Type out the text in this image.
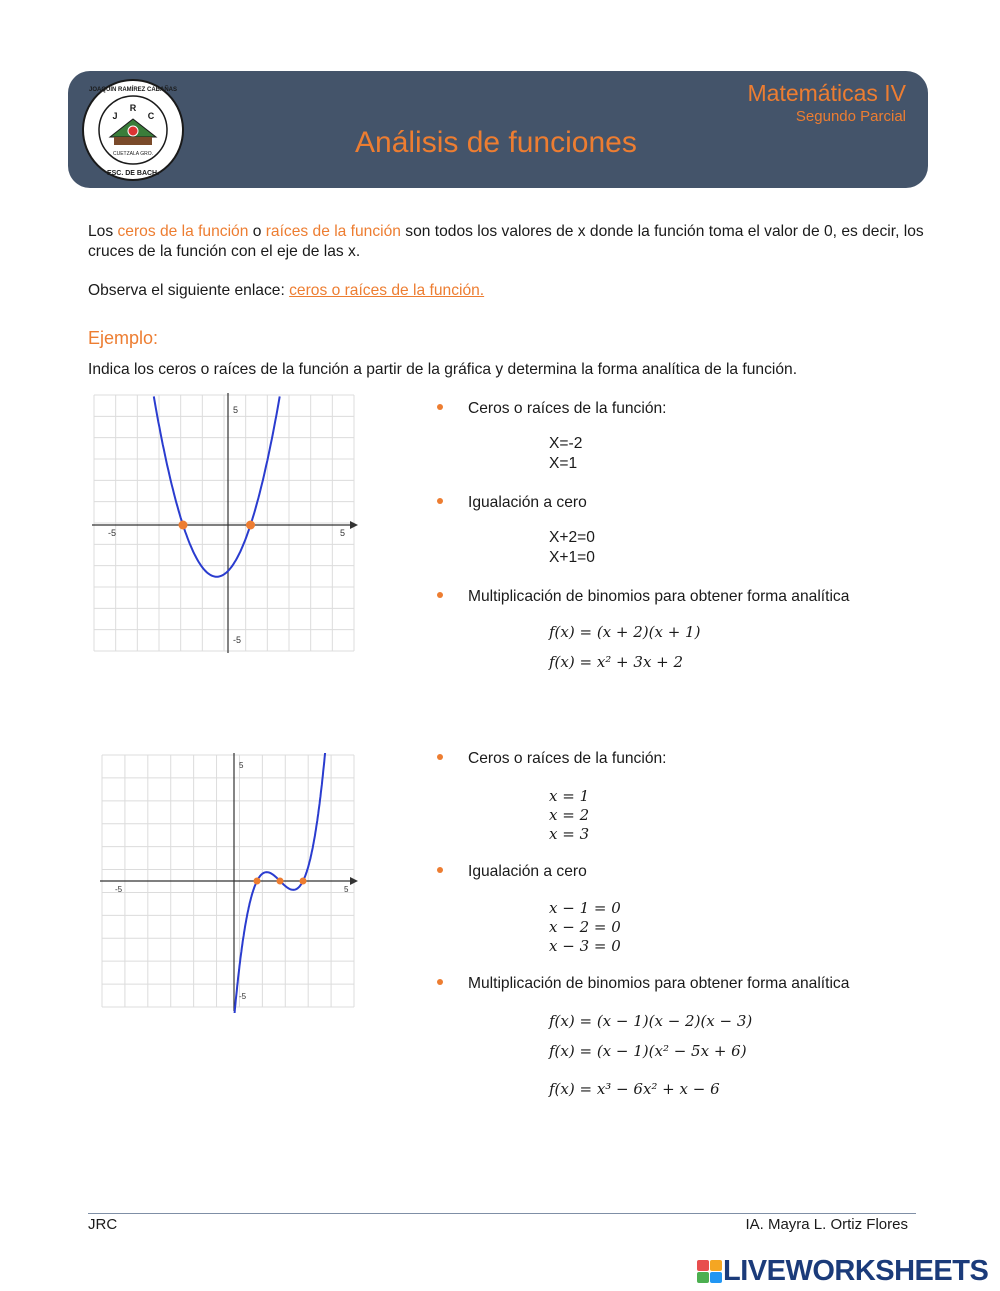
R
J	C
CUETZALA GRO.
JOAQUÍN RAMÍREZ CABAÑAS
ESC. DE BACH.
Matemáticas IV
Segundo Parcial
Análisis de funciones
Los ceros de la función o raíces de la función son todos los valores de x donde la función toma el valor de 0, es decir, los cruces de la función con el eje de las x.
Observa el siguiente enlace: ceros o raíces de la función.
Ejemplo:
Indica los ceros o raíces de la función a partir de la gráfica y determina la forma analítica de la función.
-5	5
5
-5
Ceros o raíces de la función:
X=-2
X=1
Igualación a cero
X+2=0
X+1=0
Multiplicación de binomios para obtener forma analítica
f(x) = (x + 2)(x + 1)
f(x) = x² + 3x + 2
-5	5
5
-5
Ceros o raíces de la función:
x = 1
x = 2
x = 3
Igualación a cero
x − 1 = 0
x − 2 = 0
x − 3 = 0
Multiplicación de binomios para obtener forma analítica
f(x) = (x − 1)(x − 2)(x − 3)
f(x) = (x − 1)(x² − 5x + 6)
f(x) = x³ − 6x² + x − 6
JRC	IA. Mayra L. Ortiz Flores
LIVEWORKSHEETS
